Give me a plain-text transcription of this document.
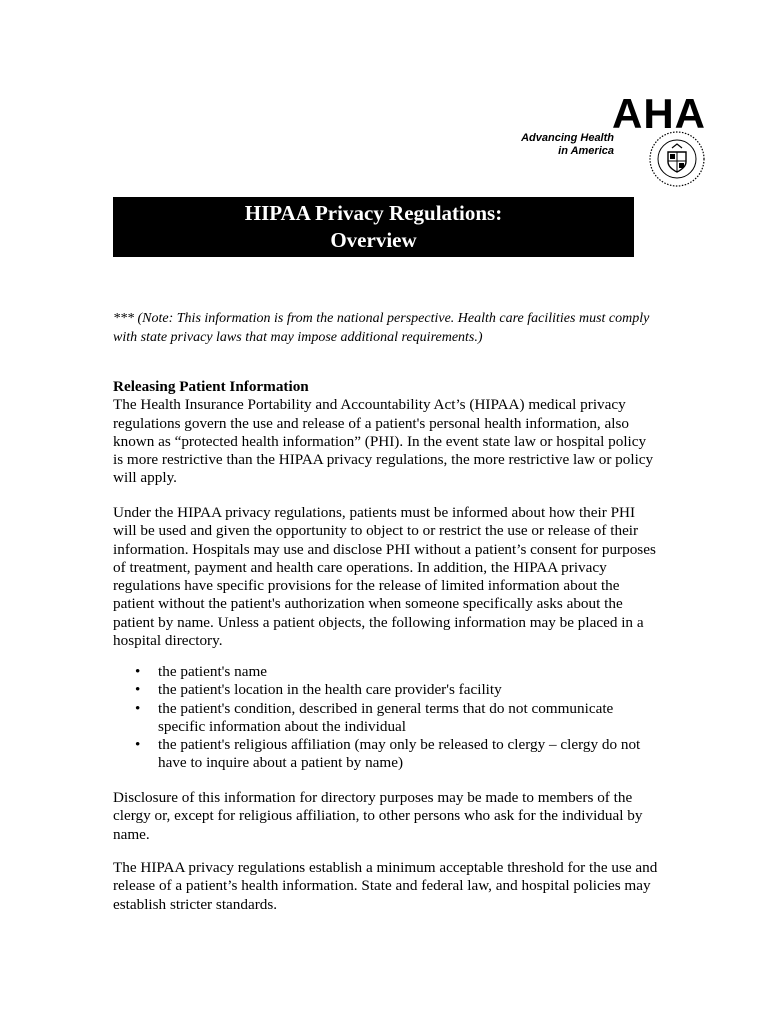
AHA
Advancing Health
in America
HIPAA Privacy Regulations:
Overview

*** (Note: This information is from the national perspective. Health care facilities must comply with state privacy laws that may impose additional requirements.)

Releasing Patient Information

The Health Insurance Portability and Accountability Act’s (HIPAA) medical privacy regulations govern the use and release of a patient's personal health information, also known as “protected health information” (PHI). In the event state law or hospital policy is more restrictive than the HIPAA privacy regulations, the more restrictive law or policy will apply.

Under the HIPAA privacy regulations, patients must be informed about how their PHI will be used and given the opportunity to object to or restrict the use or release of their information. Hospitals may use and disclose PHI without a patient’s consent for purposes of treatment, payment and health care operations. In addition, the HIPAA privacy regulations have specific provisions for the release of limited information about the patient without the patient's authorization when someone specifically asks about the patient by name. Unless a patient objects, the following information may be placed in a hospital directory.

• the patient's name
• the patient's location in the health care provider's facility
• the patient's condition, described in general terms that do not communicate specific information about the individual
• the patient's religious affiliation (may only be released to clergy – clergy do not have to inquire about a patient by name)

Disclosure of this information for directory purposes may be made to members of the clergy or, except for religious affiliation, to other persons who ask for the individual by name.

The HIPAA privacy regulations establish a minimum acceptable threshold for the use and release of a patient’s health information. State and federal law, and hospital policies may establish stricter standards.
